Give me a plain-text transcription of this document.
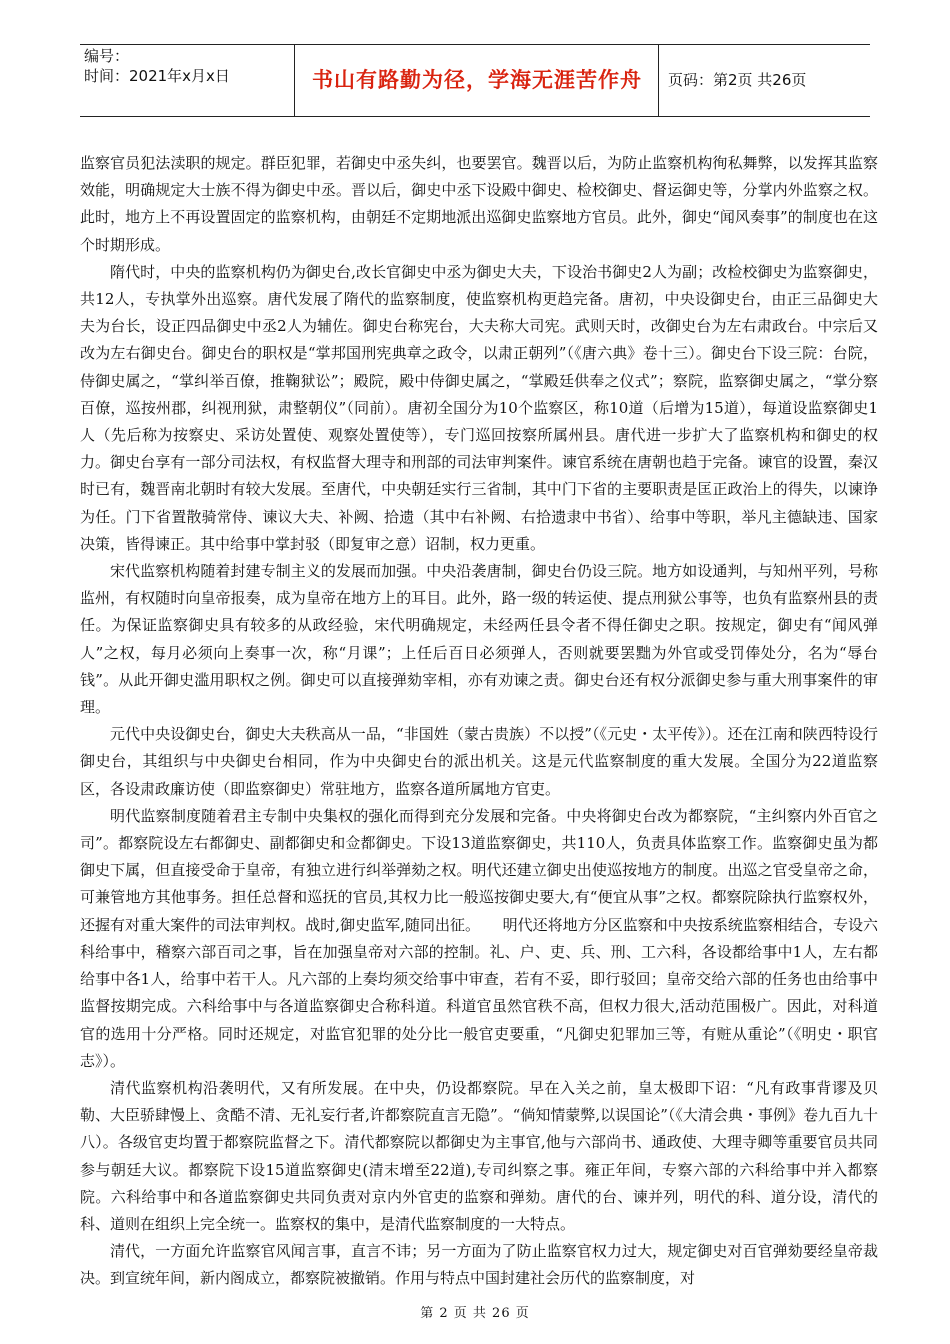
编号：
时间：2021年x月x日	书山有路勤为径，学海无涯苦作舟	页码：第2页 共26页

监察官员犯法渎职的规定。群臣犯罪，若御史中丞失纠，也要罢官。魏晋以后，为防止监察机构徇私舞弊，以发挥其监察效能，明确规定大士族不得为御史中丞。晋以后，御史中丞下设殿中御史、检校御史、督运御史等，分掌内外监察之权。此时，地方上不再设置固定的监察机构，由朝廷不定期地派出巡御史监察地方官员。此外，御史“闻风奏事”的制度也在这个时期形成。

隋代时，中央的监察机构仍为御史台,改长官御史中丞为御史大夫，下设治书御史2人为副；改检校御史为监察御史，共12人，专执掌外出巡察。唐代发展了隋代的监察制度，使监察机构更趋完备。唐初，中央设御史台，由正三品御史大夫为台长，设正四品御史中丞2人为辅佐。御史台称宪台，大夫称大司宪。武则天时，改御史台为左右肃政台。中宗后又改为左右御史台。御史台的职权是“掌邦国刑宪典章之政令，以肃正朝列”（《唐六典》卷十三）。御史台下设三院：台院，侍御史属之，“掌纠举百僚，推鞠狱讼”；殿院，殿中侍御史属之，“掌殿廷供奉之仪式”；察院，监察御史属之，“掌分察百僚，巡按州郡，纠视刑狱，肃整朝仪”（同前）。唐初全国分为10个监察区，称10道（后增为15道），每道设监察御史1人（先后称为按察史、采访处置使、观察处置使等），专门巡回按察所属州县。唐代进一步扩大了监察机构和御史的权力。御史台享有一部分司法权，有权监督大理寺和刑部的司法审判案件。谏官系统在唐朝也趋于完备。谏官的设置，秦汉时已有，魏晋南北朝时有较大发展。至唐代，中央朝廷实行三省制，其中门下省的主要职责是匡正政治上的得失，以谏诤为任。门下省置散骑常侍、谏议大夫、补阙、拾遗（其中右补阙、右拾遗隶中书省）、给事中等职，举凡主德缺违、国家决策，皆得谏正。其中给事中掌封驳（即复审之意）诏制，权力更重。

宋代监察机构随着封建专制主义的发展而加强。中央沿袭唐制，御史台仍设三院。地方如设通判，与知州平列，号称监州，有权随时向皇帝报奏，成为皇帝在地方上的耳目。此外，路一级的转运使、提点刑狱公事等，也负有监察州县的责任。为保证监察御史具有较多的从政经验，宋代明确规定，未经两任县令者不得任御史之职。按规定，御史有“闻风弹人”之权，每月必须向上奏事一次，称“月课”；上任后百日必须弹人，否则就要罢黜为外官或受罚俸处分，名为“辱台钱”。从此开御史滥用职权之例。御史可以直接弹劾宰相，亦有劝谏之责。御史台还有权分派御史参与重大刑事案件的审理。

元代中央设御史台，御史大夫秩高从一品，“非国姓（蒙古贵族）不以授”（《元史・太平传》）。还在江南和陕西特设行御史台，其组织与中央御史台相同，作为中央御史台的派出机关。这是元代监察制度的重大发展。全国分为22道监察区，各设肃政廉访使（即监察御史）常驻地方，监察各道所属地方官吏。

明代监察制度随着君主专制中央集权的强化而得到充分发展和完备。中央将御史台改为都察院，“主纠察内外百官之司”。都察院设左右都御史、副都御史和佥都御史。下设13道监察御史，共110人，负责具体监察工作。监察御史虽为都御史下属，但直接受命于皇帝，有独立进行纠举弹劾之权。明代还建立御史出使巡按地方的制度。出巡之官受皇帝之命，可兼管地方其他事务。担任总督和巡抚的官员,其权力比一般巡按御史要大,有“便宜从事”之权。都察院除执行监察权外，还握有对重大案件的司法审判权。战时,御史监军,随同出征。　　明代还将地方分区监察和中央按系统监察相结合，专设六科给事中，稽察六部百司之事，旨在加强皇帝对六部的控制。礼、户、吏、兵、刑、工六科，各设都给事中1人，左右都给事中各1人，给事中若干人。凡六部的上奏均须交给事中审查，若有不妥，即行驳回；皇帝交给六部的任务也由给事中监督按期完成。六科给事中与各道监察御史合称科道。科道官虽然官秩不高，但权力很大,活动范围极广。因此，对科道官的选用十分严格。同时还规定，对监官犯罪的处分比一般官吏要重，“凡御史犯罪加三等，有赃从重论”（《明史・职官志》）。

清代监察机构沿袭明代，又有所发展。在中央，仍设都察院。早在入关之前，皇太极即下诏：“凡有政事背谬及贝勒、大臣骄肆慢上、贪酷不清、无礼妄行者,许都察院直言无隐”。“倘知情蒙弊,以误国论”（《大清会典・事例》卷九百九十八）。各级官吏均置于都察院监督之下。清代都察院以都御史为主事官,他与六部尚书、通政使、大理寺卿等重要官员共同参与朝廷大议。都察院下设15道监察御史(清末增至22道),专司纠察之事。雍正年间，专察六部的六科给事中并入都察院。六科给事中和各道监察御史共同负责对京内外官吏的监察和弹劾。唐代的台、谏并列，明代的科、道分设，清代的科、道则在组织上完全统一。监察权的集中，是清代监察制度的一大特点。

清代，一方面允许监察官风闻言事，直言不讳；另一方面为了防止监察官权力过大，规定御史对百官弹劾要经皇帝裁决。到宣统年间，新内阁成立，都察院被撤销。作用与特点中国封建社会历代的监察制度，对

第 2 页 共 26 页
